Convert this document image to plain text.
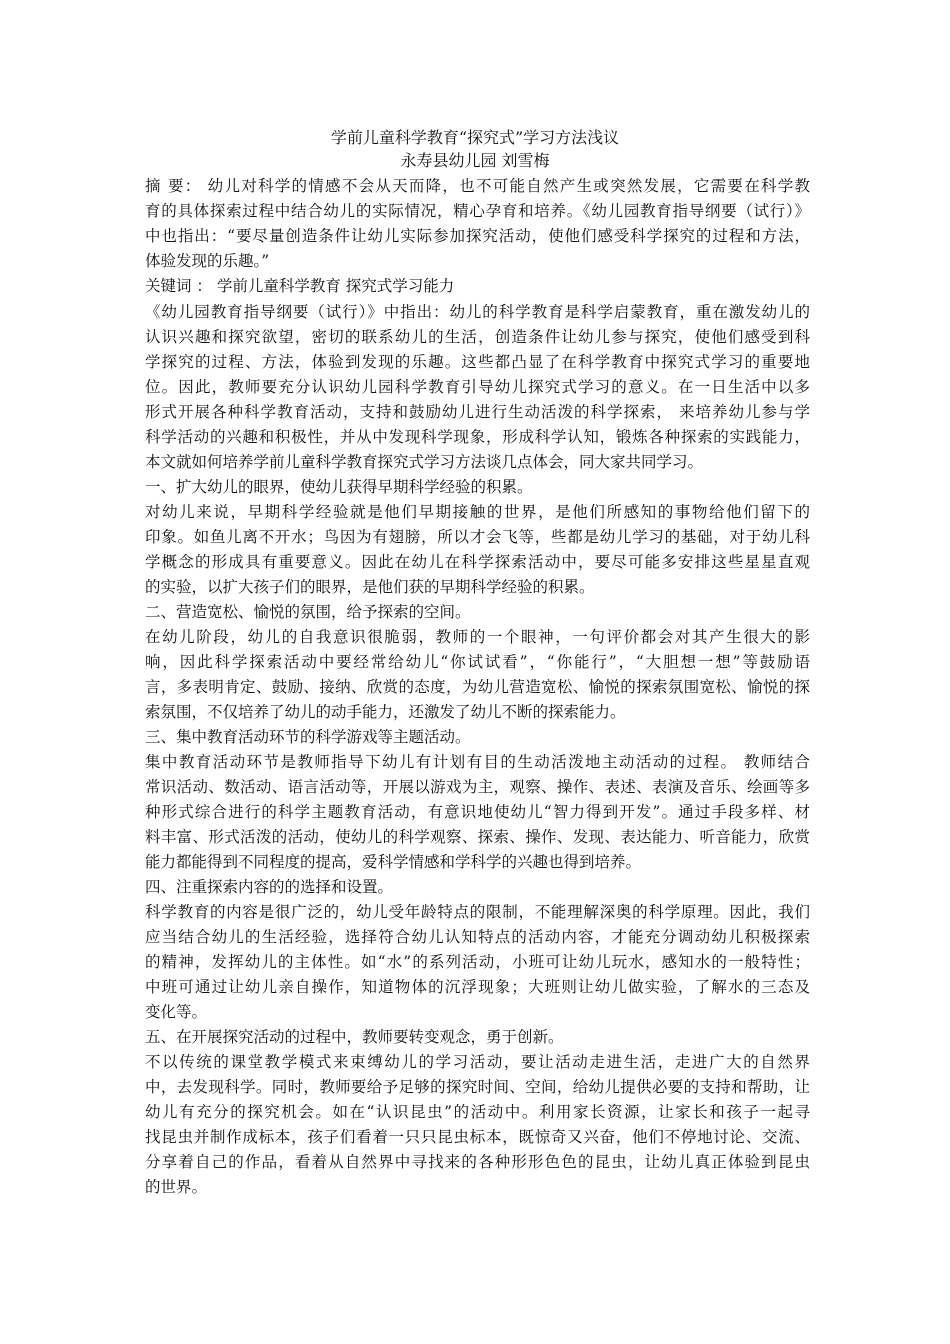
学前儿童科学教育“探究式”学习方法浅议
永寿县幼儿园 刘雪梅
摘 要： 幼儿对科学的情感不会从天而降，也不可能自然产生或突然发展，它需要在科学教
育的具体探索过程中结合幼儿的实际情况，精心孕育和培养。《幼儿园教育指导纲要（试行）》
中也指出：“要尽量创造条件让幼儿实际参加探究活动，使他们感受科学探究的过程和方法，
体验发现的乐趣。”
关键词 ： 学前儿童科学教育 探究式学习能力
《幼儿园教育指导纲要（试行）》中指出：幼儿的科学教育是科学启蒙教育，重在激发幼儿的
认识兴趣和探究欲望，密切的联系幼儿的生活，创造条件让幼儿参与探究，使他们感受到科
学探究的过程、方法，体验到发现的乐趣。这些都凸显了在科学教育中探究式学习的重要地
位。因此，教师要充分认识幼儿园科学教育引导幼儿探究式学习的意义。在一日生活中以多
形式开展各种科学教育活动，支持和鼓励幼儿进行生动活泼的科学探索， 来培养幼儿参与学
科学活动的兴趣和积极性，并从中发现科学现象，形成科学认知，锻炼各种探索的实践能力，
本文就如何培养学前儿童科学教育探究式学习方法谈几点体会，同大家共同学习。
一、扩大幼儿的眼界，使幼儿获得早期科学经验的积累。
对幼儿来说，早期科学经验就是他们早期接触的世界，是他们所感知的事物给他们留下的
印象。如鱼儿离不开水；鸟因为有翅膀，所以才会飞等，些都是幼儿学习的基础，对于幼儿科
学概念的形成具有重要意义。因此在幼儿在科学探索活动中，要尽可能多安排这些星星直观
的实验，以扩大孩子们的眼界，是他们获的早期科学经验的积累。
二、营造宽松、愉悦的氛围，给予探索的空间。
在幼儿阶段，幼儿的自我意识很脆弱，教师的一个眼神，一句评价都会对其产生很大的影
响，因此科学探索活动中要经常给幼儿“你试试看”，“你能行”，“大胆想一想”等鼓励语
言，多表明肯定、鼓励、接纳、欣赏的态度，为幼儿营造宽松、愉悦的探索氛围宽松、愉悦的探
索氛围，不仅培养了幼儿的动手能力，还激发了幼儿不断的探索能力。
三、集中教育活动环节的科学游戏等主题活动。
集中教育活动环节是教师指导下幼儿有计划有目的生动活泼地主动活动的过程。 教师结合
常识活动、数活动、语言活动等，开展以游戏为主，观察、操作、表述、表演及音乐、绘画等多
种形式综合进行的科学主题教育活动，有意识地使幼儿“智力得到开发”。通过手段多样、材
料丰富、形式活泼的活动，使幼儿的科学观察、探索、操作、发现、表达能力、听音能力，欣赏
能力都能得到不同程度的提高，爱科学情感和学科学的兴趣也得到培养。
四、注重探索内容的的选择和设置。
科学教育的内容是很广泛的，幼儿受年龄特点的限制，不能理解深奥的科学原理。因此，我们
应当结合幼儿的生活经验，选择符合幼儿认知特点的活动内容，才能充分调动幼儿积极探索
的精神，发挥幼儿的主体性。如“水”的系列活动，小班可让幼儿玩水，感知水的一般特性；
中班可通过让幼儿亲自操作，知道物体的沉浮现象；大班则让幼儿做实验，了解水的三态及
变化等。
五、在开展探究活动的过程中，教师要转变观念，勇于创新。
不以传统的课堂教学模式来束缚幼儿的学习活动，要让活动走进生活，走进广大的自然界
中，去发现科学。同时，教师要给予足够的探究时间、空间，给幼儿提供必要的支持和帮助，让
幼儿有充分的探究机会。如在“认识昆虫”的活动中。利用家长资源，让家长和孩子一起寻
找昆虫并制作成标本，孩子们看着一只只昆虫标本，既惊奇又兴奋，他们不停地讨论、交流、
分享着自己的作品，看着从自然界中寻找来的各种形形色色的昆虫，让幼儿真正体验到昆虫
的世界。
